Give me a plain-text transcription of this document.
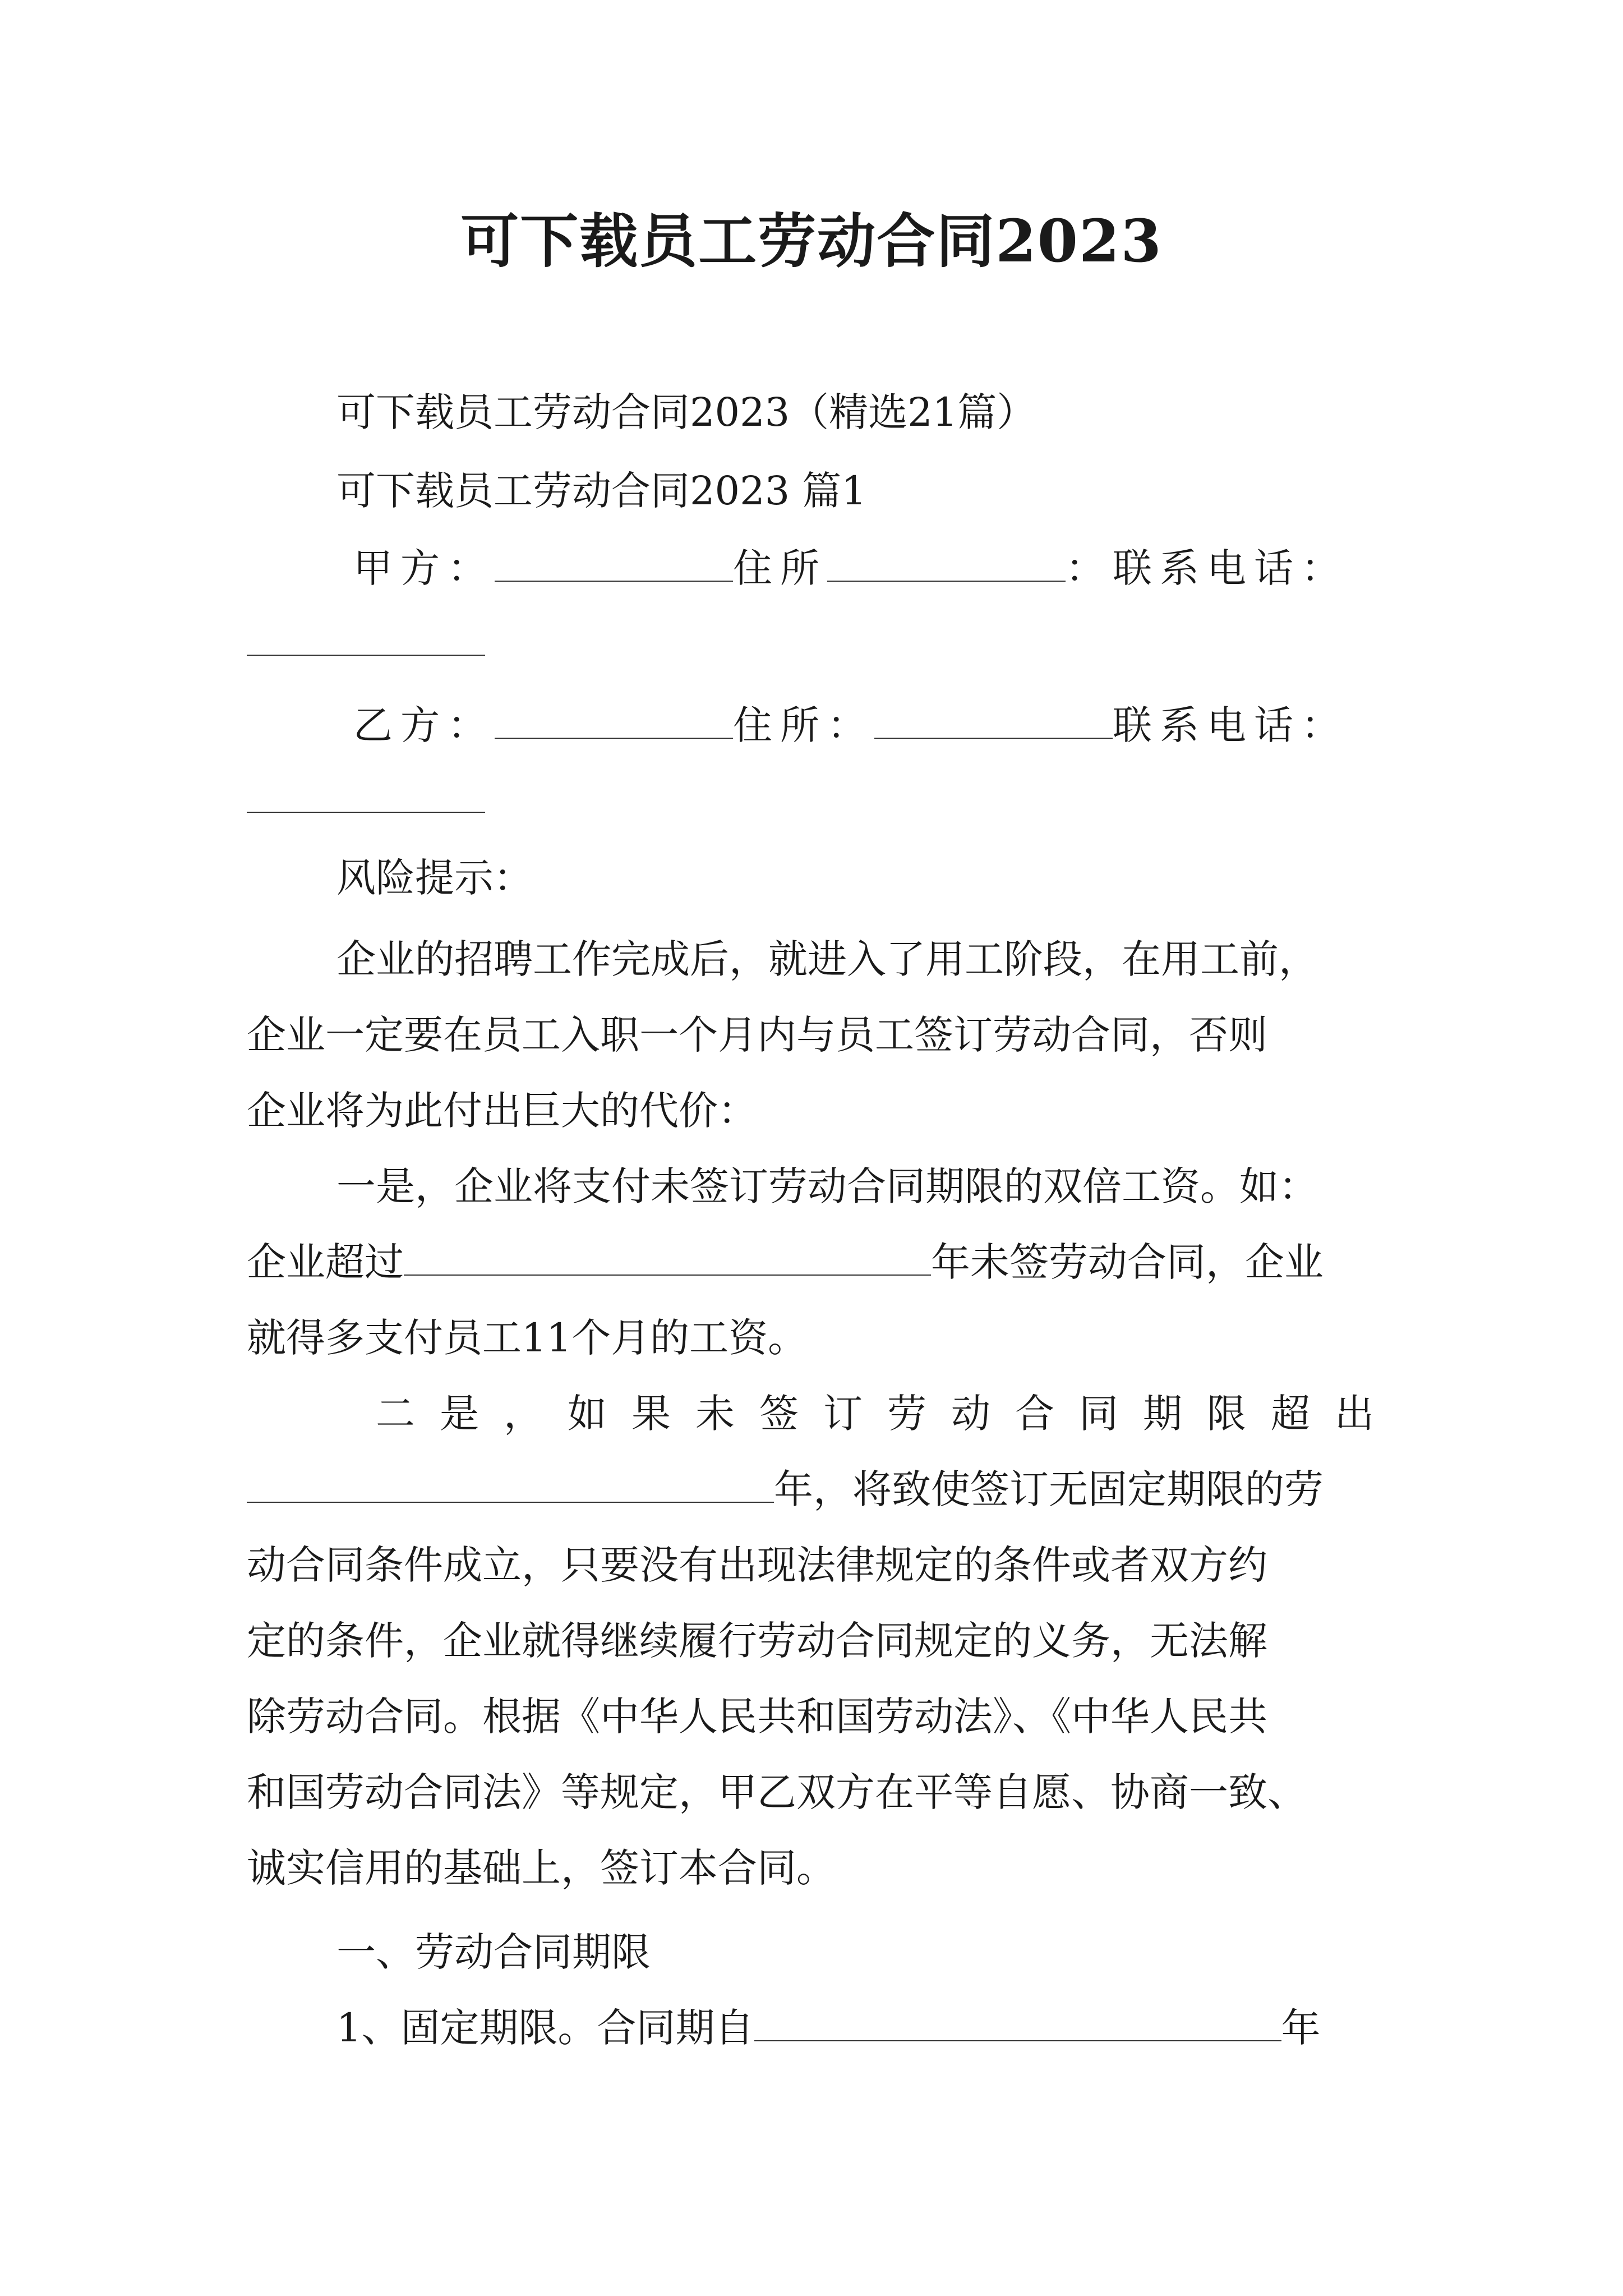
可下载员工劳动合同2023
可下载员工劳动合同2023（精选21篇）
可下载员工劳动合同2023 篇1
甲方：	住所	：联系电话：
乙方：	住所：	联系电话：
风险提示：
企业的招聘工作完成后，就进入了用工阶段，在用工前，
企业一定要在员工入职一个月内与员工签订劳动合同，否则
企业将为此付出巨大的代价：
一是，企业将支付未签订劳动合同期限的双倍工资。如：
企业超过	年未签劳动合同，企业
就得多支付员工11个月的工资。
二是，如果未签订劳动合同期限超出
年，将致使签订无固定期限的劳
动合同条件成立，只要没有出现法律规定的条件或者双方约
定的条件，企业就得继续履行劳动合同规定的义务，无法解
除劳动合同。根据《中华人民共和国劳动法》、《中华人民共
和国劳动合同法》等规定，甲乙双方在平等自愿、协商一致、
诚实信用的基础上，签订本合同。
一、劳动合同期限
1、固定期限。合同期自	年
